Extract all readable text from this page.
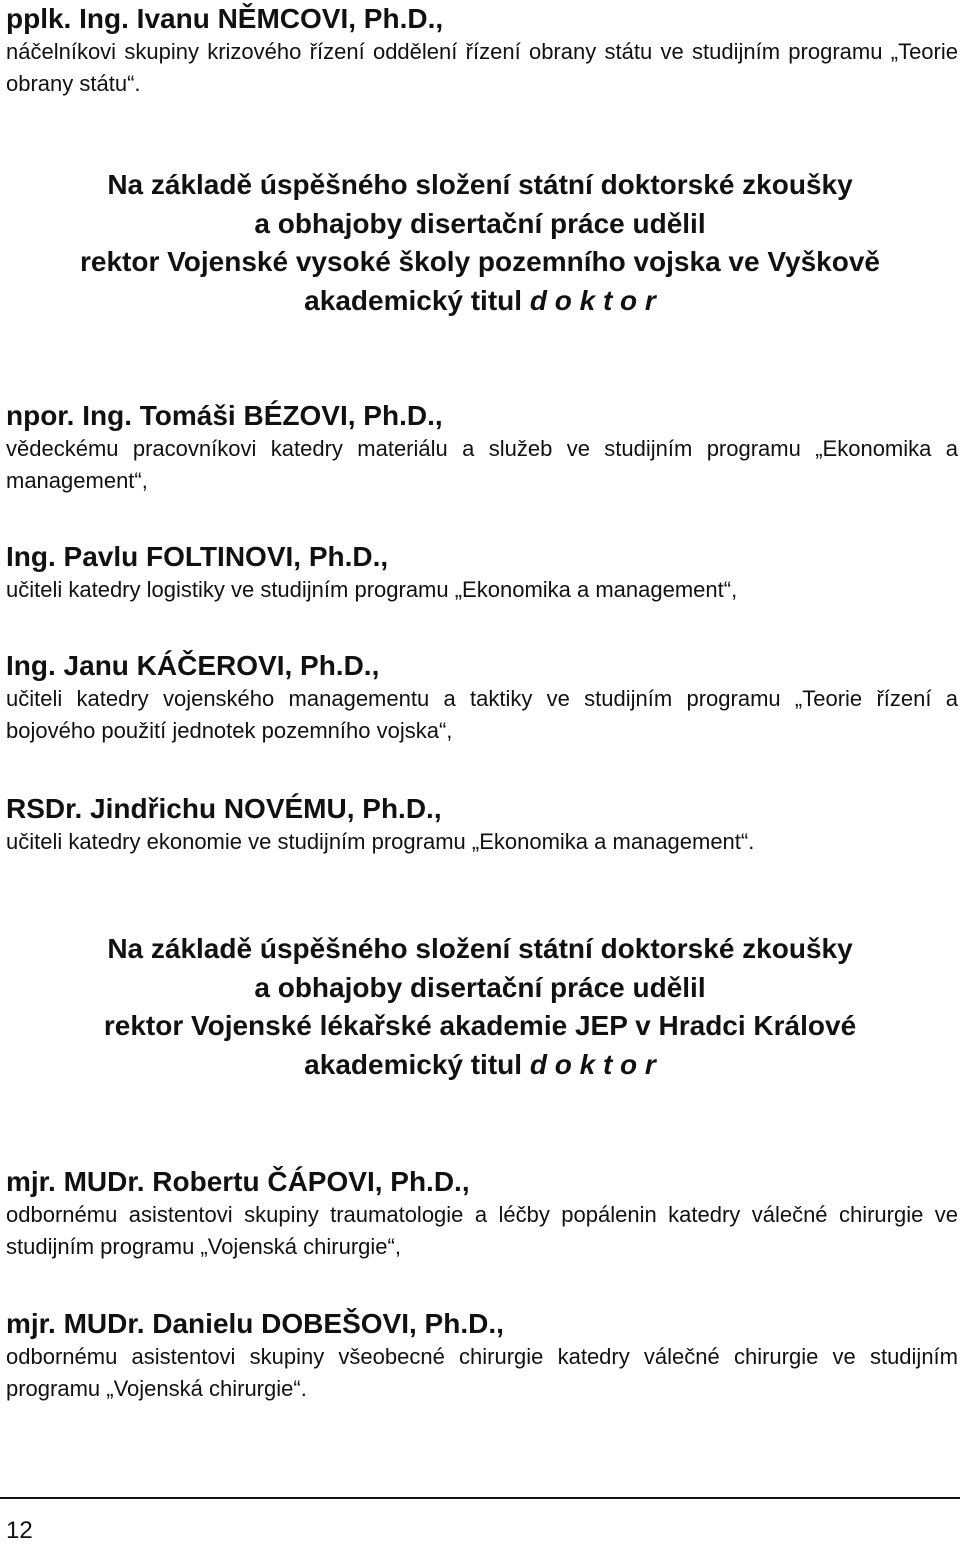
pplk. Ing. Ivanu NĚMCOVI, Ph.D.,
náčelníkovi skupiny krizového řízení oddělení řízení obrany státu ve studijním programu „Teorie obrany státu“.
Na základě úspěšného složení státní doktorské zkoušky
a obhajoby disertační práce udělil
rektor Vojenské vysoké školy pozemního vojska ve Vyškově
akademický titul d o k t o r
npor. Ing. Tomáši BÉZOVI, Ph.D.,
vědeckému pracovníkovi katedry materiálu a služeb ve studijním programu „Ekonomika a management“,
Ing. Pavlu FOLTINOVI, Ph.D.,
učiteli katedry logistiky ve studijním programu „Ekonomika a management“,
Ing. Janu KÁČEROVI, Ph.D.,
učiteli katedry vojenského managementu a taktiky ve studijním programu „Teorie řízení a bojového použití jednotek pozemního vojska“,
RSDr. Jindřichu NOVÉMU, Ph.D.,
učiteli katedry ekonomie ve studijním programu „Ekonomika a management“.
Na základě úspěšného složení státní doktorské zkoušky
a obhajoby disertační práce udělil
rektor Vojenské lékařské akademie JEP v Hradci Králové
akademický titul d o k t o r
mjr. MUDr. Robertu ČÁPOVI, Ph.D.,
odbornému asistentovi skupiny traumatologie a léčby popálenin katedry válečné chirurgie ve studijním programu „Vojenská chirurgie“,
mjr. MUDr. Danielu DOBEŠOVI, Ph.D.,
odbornému asistentovi skupiny všeobecné chirurgie katedry válečné chirurgie ve studijním programu „Vojenská chirurgie“.
12
